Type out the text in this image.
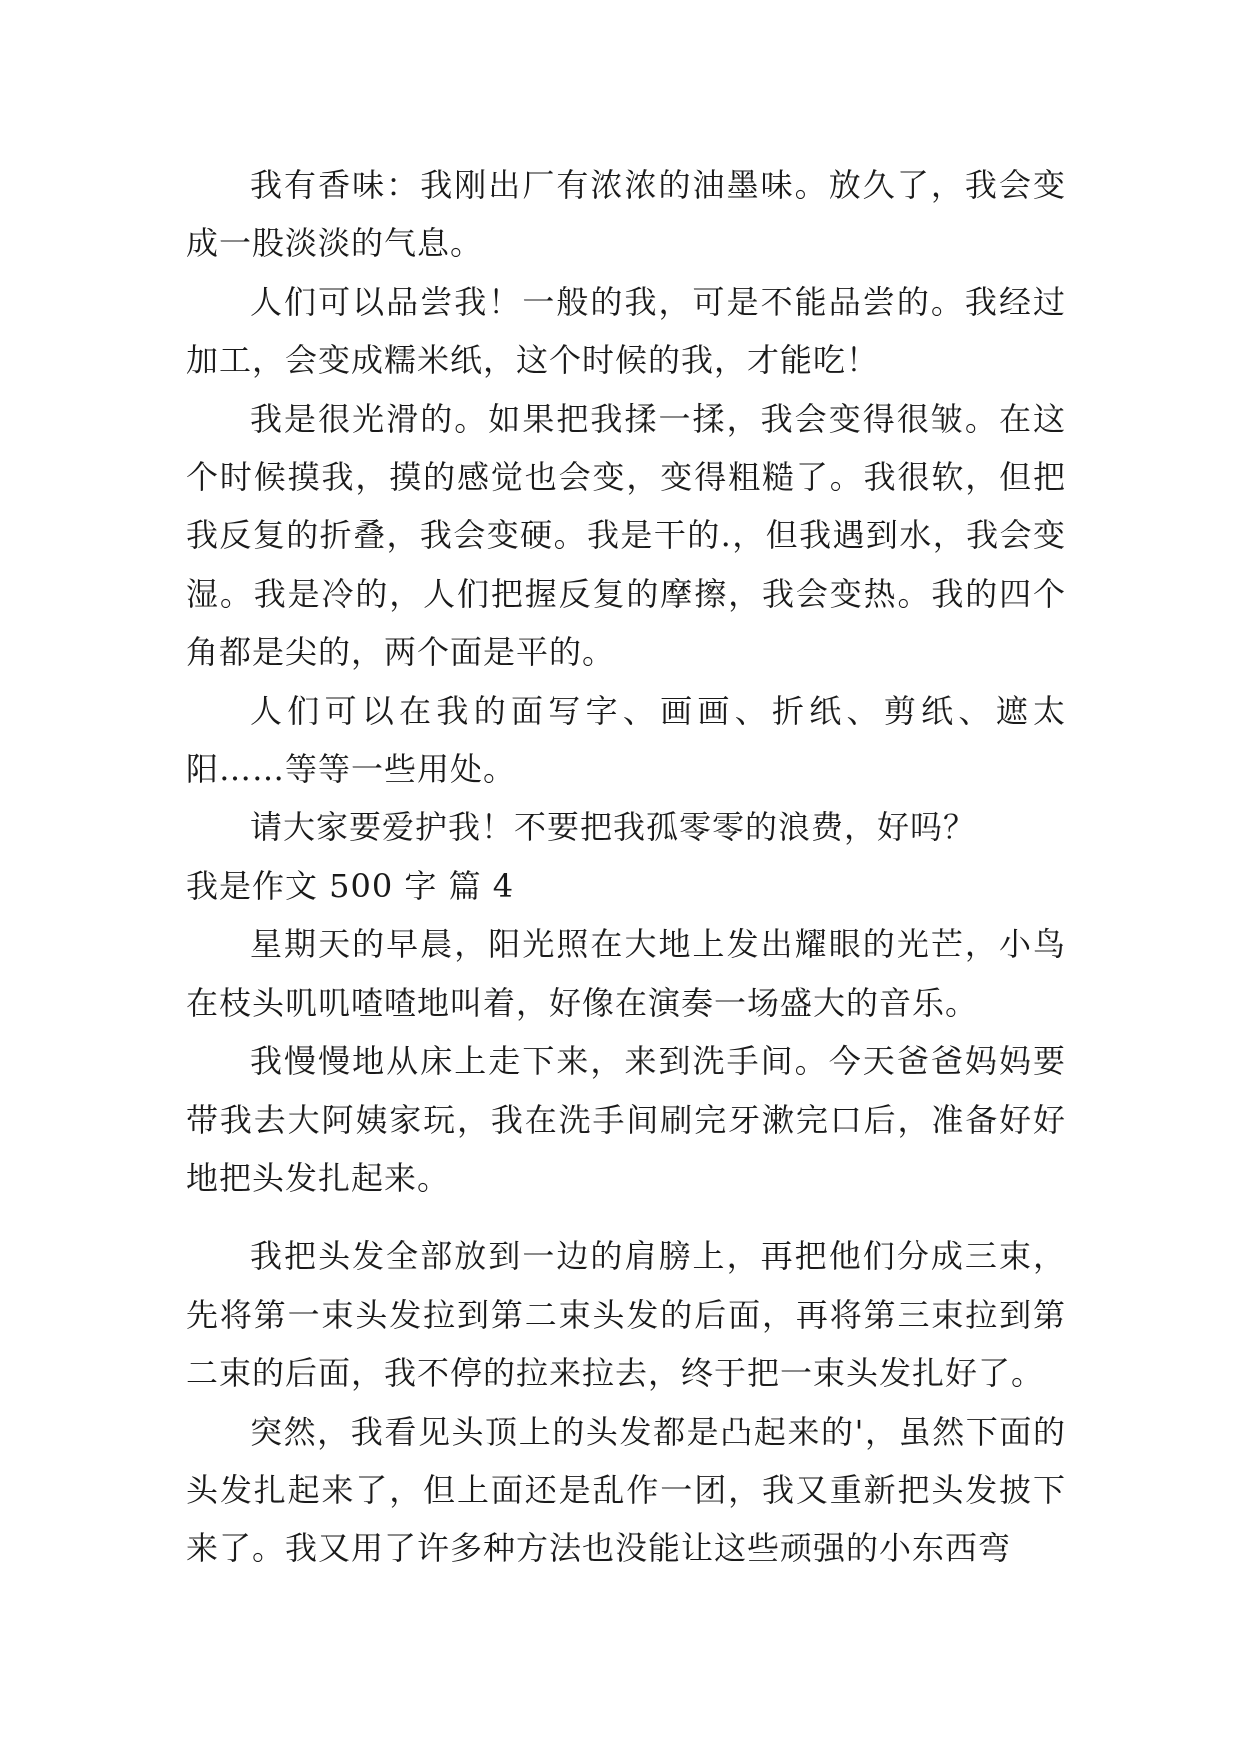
我有香味：我刚出厂有浓浓的油墨味。放久了，我会变成一股淡淡的气息。

人们可以品尝我！一般的我，可是不能品尝的。我经过加工，会变成糯米纸，这个时候的我，才能吃！

我是很光滑的。如果把我揉一揉，我会变得很皱。在这个时候摸我，摸的感觉也会变，变得粗糙了。我很软，但把我反复的折叠，我会变硬。我是干的.，但我遇到水，我会变湿。我是冷的，人们把握反复的摩擦，我会变热。我的四个角都是尖的，两个面是平的。

人们可以在我的面写字、画画、折纸、剪纸、遮太阳……等等一些用处。

请大家要爱护我！不要把我孤零零的浪费，好吗？

我是作文 500 字 篇 4

星期天的早晨，阳光照在大地上发出耀眼的光芒，小鸟在枝头叽叽喳喳地叫着，好像在演奏一场盛大的音乐。

我慢慢地从床上走下来，来到洗手间。今天爸爸妈妈要带我去大阿姨家玩，我在洗手间刷完牙漱完口后，准备好好地把头发扎起来。

我把头发全部放到一边的肩膀上，再把他们分成三束，先将第一束头发拉到第二束头发的后面，再将第三束拉到第二束的后面，我不停的拉来拉去，终于把一束头发扎好了。

突然，我看见头顶上的头发都是凸起来的'，虽然下面的头发扎起来了，但上面还是乱作一团，我又重新把头发披下来了。我又用了许多种方法也没能让这些顽强的小东西弯
